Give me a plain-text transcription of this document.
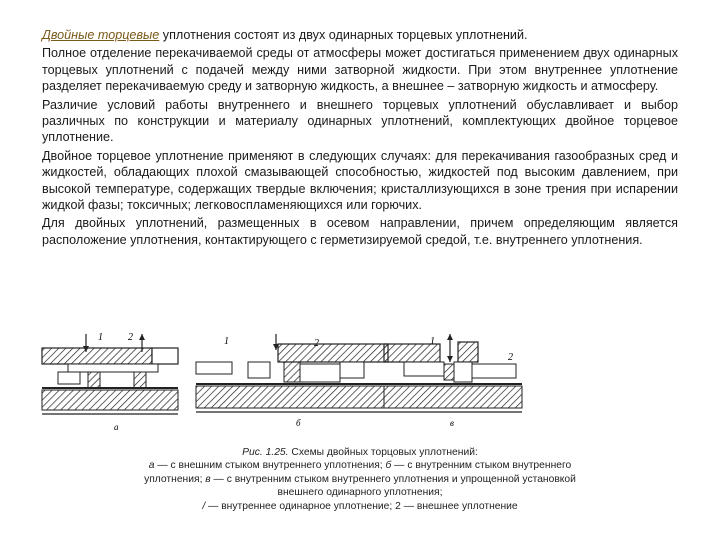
Двойные торцевые уплотнения состоят из двух одинарных торцевых уплотнений.

Полное отделение перекачиваемой среды от атмосферы может достигаться применением двух одинарных торцевых уплотнений с подачей между ними затворной жидкости. При этом внутреннее уплотнение разделяет перекачиваемую среду и затворную жидкость, а внешнее – затворную жидкость и атмосферу.

Различие условий работы внутреннего и внешнего торцевых уплотнений обуславливает и выбор различных по конструкции и материалу одинарных уплотнений, комплектующих двойное торцевое уплотнение.

Двойное торцевое уплотнение применяют в следующих случаях: для перекачивания газообразных сред и жидкостей, обладающих плохой смазывающей способностью, жидкостей под высоким давлением, при высокой температуре, содержащих твердые включения; кристаллизующихся в зоне трения при испарении жидкой фазы; токсичных; легковоспламеняющихся или горючих.

Для двойных уплотнений, размещенных в осевом направлении, причем определяющим является расположение уплотнения, контактирующего с герметизируемой средой, т.е. внутреннего уплотнения.

1	2
а
1	2
б
1
2
в
Рис. 1.25. Схемы двойных торцовых уплотнений:
а — с внешним стыком внутреннего уплотнения; б — с внутренним стыком внутреннего
уплотнения; в — с внутренним стыком внутреннего уплотнения и упрощенной установкой
внешнего одинарного уплотнения;
/ — внутреннее одинарное уплотнение; 2 — внешнее уплотнение
